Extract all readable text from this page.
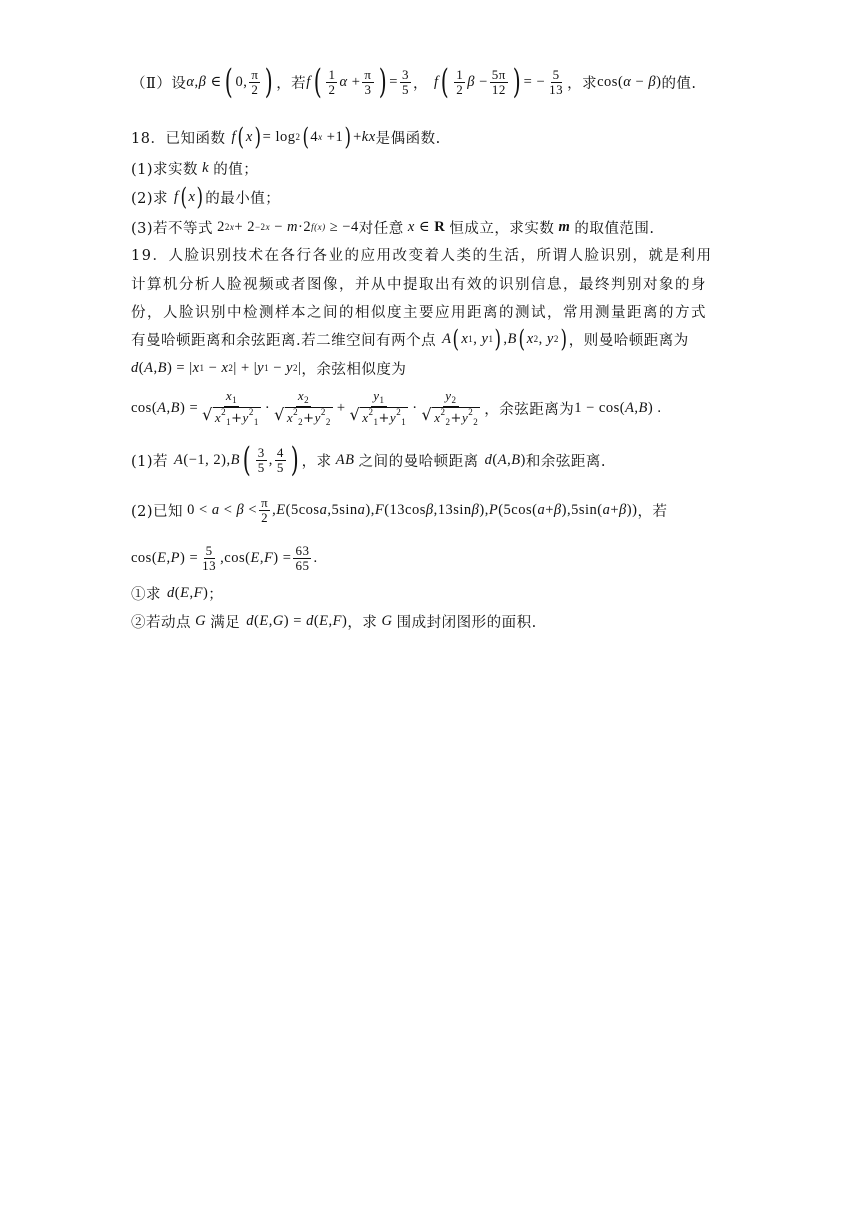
（Ⅱ）设 α , β ∈ ( 0, $\frac{\pi}{2}$ ) ，若 f ( $\frac{1}{2}$ $\alpha + \frac{\pi}{3}$ ) = $\frac{3}{5}$ ， f ( $\frac{1}{2}$ $\beta - \frac{5\pi}{12}$ ) = − $\frac{5}{13}$ ，求 cos( α − β ) 的值.
18．已知函数 f ( x ) = log 2 ( 4 x +1 ) + kx 是偶函数.
(1)求实数 k 的值；
(2)求 f ( x ) 的最小值；
(3)若不等式 2 2x + 2 −2x − m ·2 f(x) ≥ −4 对任意 x ∈ R 恒成立，求实数 m 的取值范围.
19．人脸识别技术在各行各业的应用改变着人类的生活，所谓人脸识别，就是利用
计算机分析人脸视频或者图像，并从中提取出有效的识别信息，最终判别对象的身
份，人脸识别中检测样本之间的相似度主要应用距离的测试，常用测量距离的方式
有曼哈顿距离和余弦距离.若二维空间有两个点 A ( x 1 , y 1 ) , B ( x 2 , y 2 ) ，则曼哈顿距离为
d ( A , B ) = | x 1 − x 2 | + | y 1 − y 2 | ，余弦相似度为
cos( A , B ) = $\frac{x_1}{√ x^2_1+y^2_1} \cdot \frac{x_2}{√ x^2_2+y^2_2} + \frac{y_1}{√ x^2_1+y^2_1} \cdot \frac{y_2}{√ x^2_2+y^2_2}$ ，余弦距离为 1 − cos( A , B ) .
(1)若 A (−1, 2), B ( $\frac{3}{5}$ , $\frac{4}{5}$ ) ，求 AB 之间的曼哈顿距离 d ( A , B ) 和余弦距离.
(2)已知 $0 < a < \beta < \frac{\pi}{2}$ , E (5cos a ,5sin a ), F (13cos β ,13sin β ), P (5cos( a + β ),5sin( a + β )) ，若
cos( E , P ) = $\frac{5}{13} ,\cos$( E , F ) = $\frac{63}{65}$ .
①求 d ( E , F ) ；
②若动点 G 满足 d ( E , G ) = d ( E , F ) ，求 G 围成封闭图形的面积.
